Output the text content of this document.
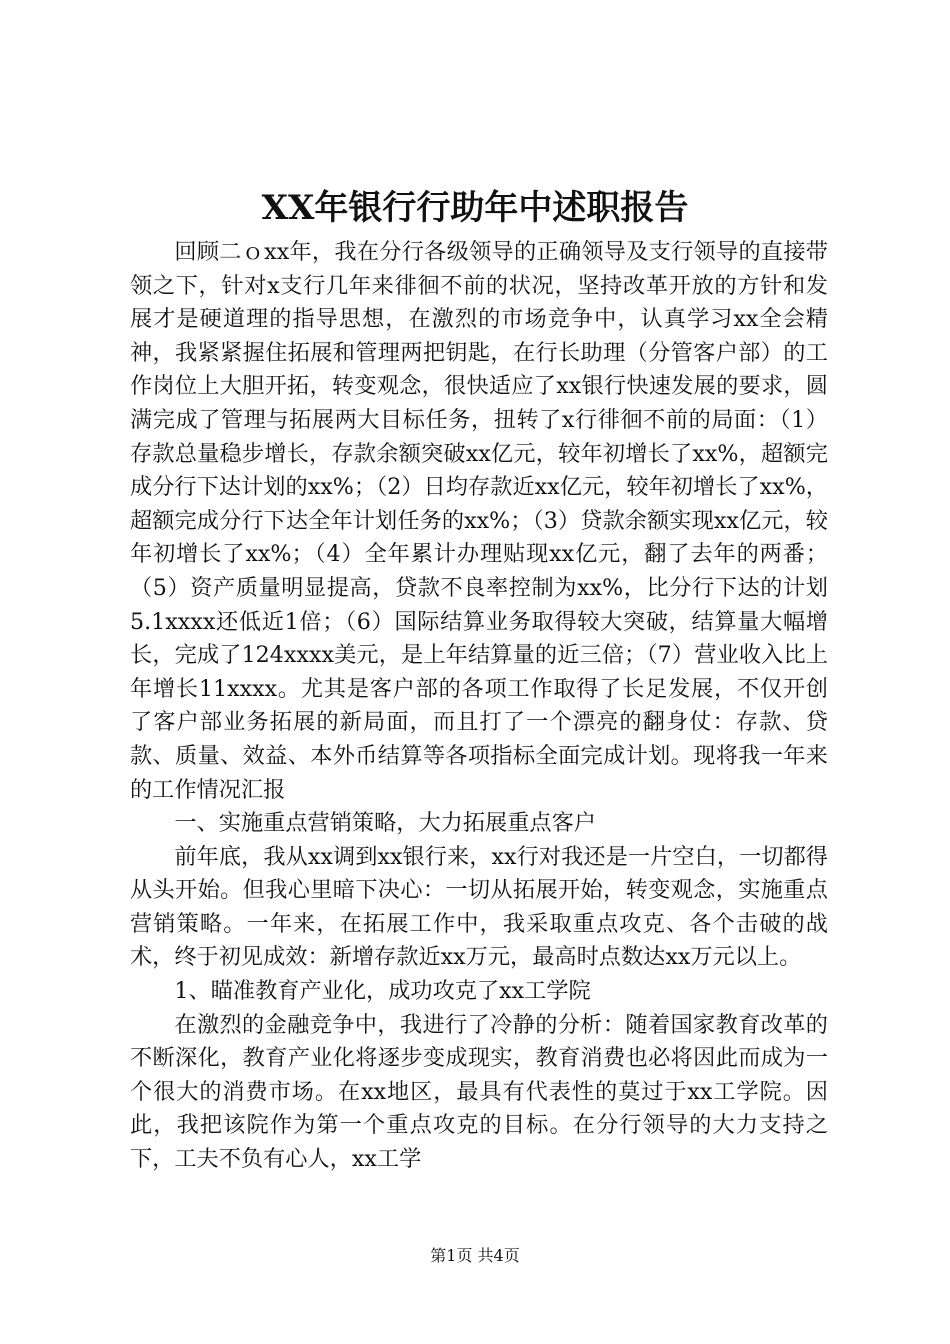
XX年银行行助年中述职报告

回顾二ｏxx年，我在分行各级领导的正确领导及支行领导的直接带领之下，针对x支行几年来徘徊不前的状况，坚持改革开放的方针和发展才是硬道理的指导思想，在激烈的市场竞争中，认真学习xx全会精神，我紧紧握住拓展和管理两把钥匙，在行长助理（分管客户部）的工作岗位上大胆开拓，转变观念，很快适应了xx银行快速发展的要求，圆满完成了管理与拓展两大目标任务，扭转了x行徘徊不前的局面：（1）存款总量稳步增长，存款余额突破xx亿元，较年初增长了xx%，超额完成分行下达计划的xx%；（2）日均存款近xx亿元，较年初增长了xx%，超额完成分行下达全年计划任务的xx%；（3）贷款余额实现xx亿元，较年初增长了xx%；（4）全年累计办理贴现xx亿元，翻了去年的两番；（5）资产质量明显提高，贷款不良率控制为xx%，比分行下达的计划5.1xxxx还低近1倍；（6）国际结算业务取得较大突破，结算量大幅增长，完成了124xxxx美元，是上年结算量的近三倍；（7）营业收入比上年增长11xxxx。尤其是客户部的各项工作取得了长足发展，不仅开创了客户部业务拓展的新局面，而且打了一个漂亮的翻身仗：存款、贷款、质量、效益、本外币结算等各项指标全面完成计划。现将我一年来的工作情况汇报

一、实施重点营销策略，大力拓展重点客户

前年底，我从xx调到xx银行来，xx行对我还是一片空白，一切都得从头开始。但我心里暗下决心：一切从拓展开始，转变观念，实施重点营销策略。一年来，在拓展工作中，我采取重点攻克、各个击破的战术，终于初见成效：新增存款近xx万元，最高时点数达xx万元以上。

1、瞄准教育产业化，成功攻克了xx工学院

在激烈的金融竞争中，我进行了冷静的分析：随着国家教育改革的不断深化，教育产业化将逐步变成现实，教育消费也必将因此而成为一个很大的消费市场。在xx地区，最具有代表性的莫过于xx工学院。因此，我把该院作为第一个重点攻克的目标。在分行领导的大力支持之下，工夫不负有心人，xx工学

第1页 共4页
